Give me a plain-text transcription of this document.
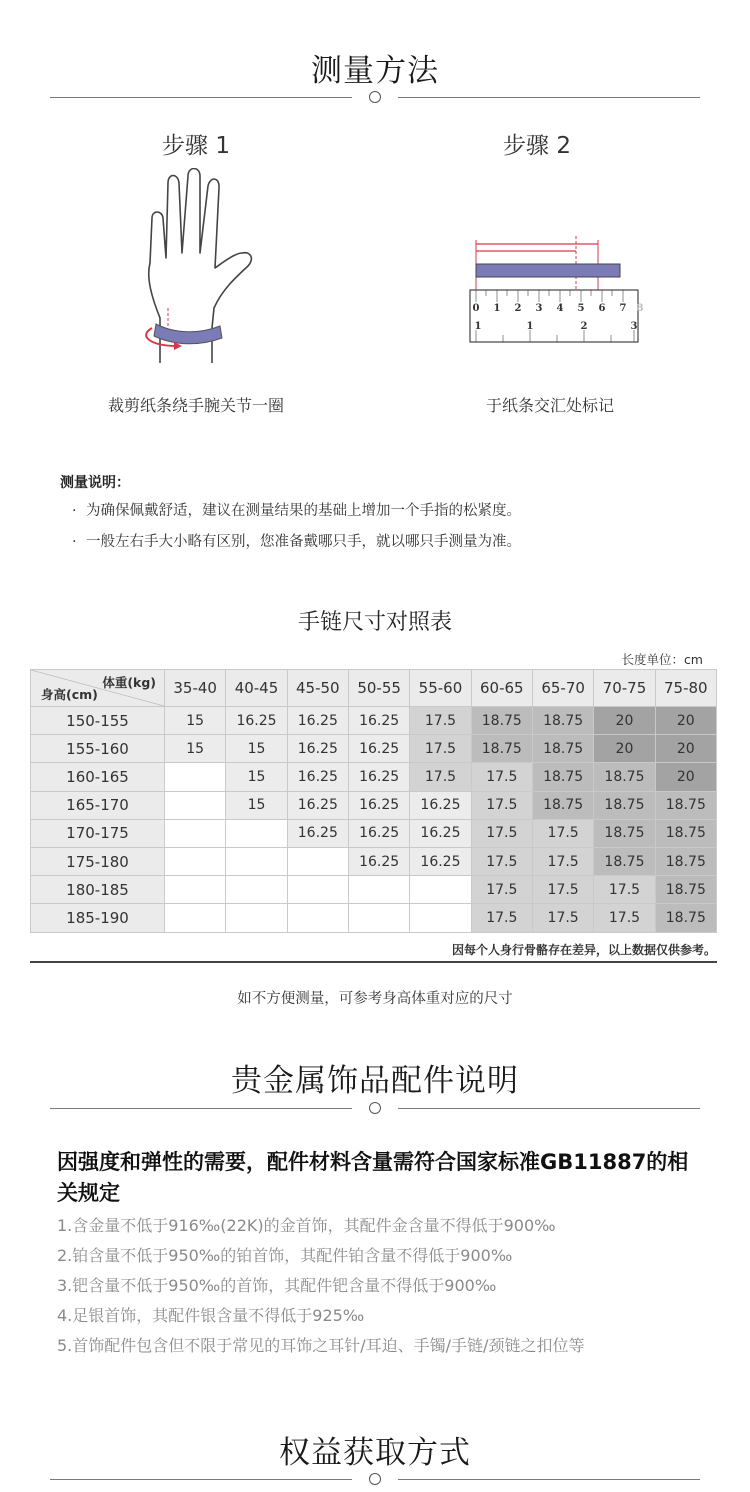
测量方法
步骤 1	步骤 2
0 1 2 3 4 5 6 7 8
1	1	2	3
裁剪纸条绕手腕关节一圈	于纸条交汇处标记
测量说明：
· 为确保佩戴舒适，建议在测量结果的基础上增加一个手指的松紧度。
· 一般左右手大小略有区别，您准备戴哪只手，就以哪只手测量为准。
手链尺寸对照表
长度单位：cm
体重(kg)
身高(cm)	35-40	40-45	45-50	50-55	55-60	60-65	65-70	70-75	75-80
150-155	15	16.25	16.25	16.25	17.5	18.75	18.75	20	20
155-160	15	15	16.25	16.25	17.5	18.75	18.75	20	20
160-165		15	16.25	16.25	17.5	17.5	18.75	18.75	20
165-170		15	16.25	16.25	16.25	17.5	18.75	18.75	18.75
170-175			16.25	16.25	16.25	17.5	17.5	18.75	18.75
175-180				16.25	16.25	17.5	17.5	18.75	18.75
180-185						17.5	17.5	17.5	18.75
185-190						17.5	17.5	17.5	18.75
因每个人身行骨骼存在差异，以上数据仅供参考。
如不方便测量，可参考身高体重对应的尺寸
贵金属饰品配件说明
因强度和弹性的需要，配件材料含量需符合国家标准GB11887的相关规定
1.含金量不低于916‰(22K)的金首饰，其配件金含量不得低于900‰
2.铂含量不低于950‰的铂首饰，其配件铂含量不得低于900‰
3.钯含量不低于950‰的首饰，其配件钯含量不得低于900‰
4.足银首饰，其配件银含量不得低于925‰
5.首饰配件包含但不限于常见的耳饰之耳针/耳迫、手镯/手链/颈链之扣位等
权益获取方式
